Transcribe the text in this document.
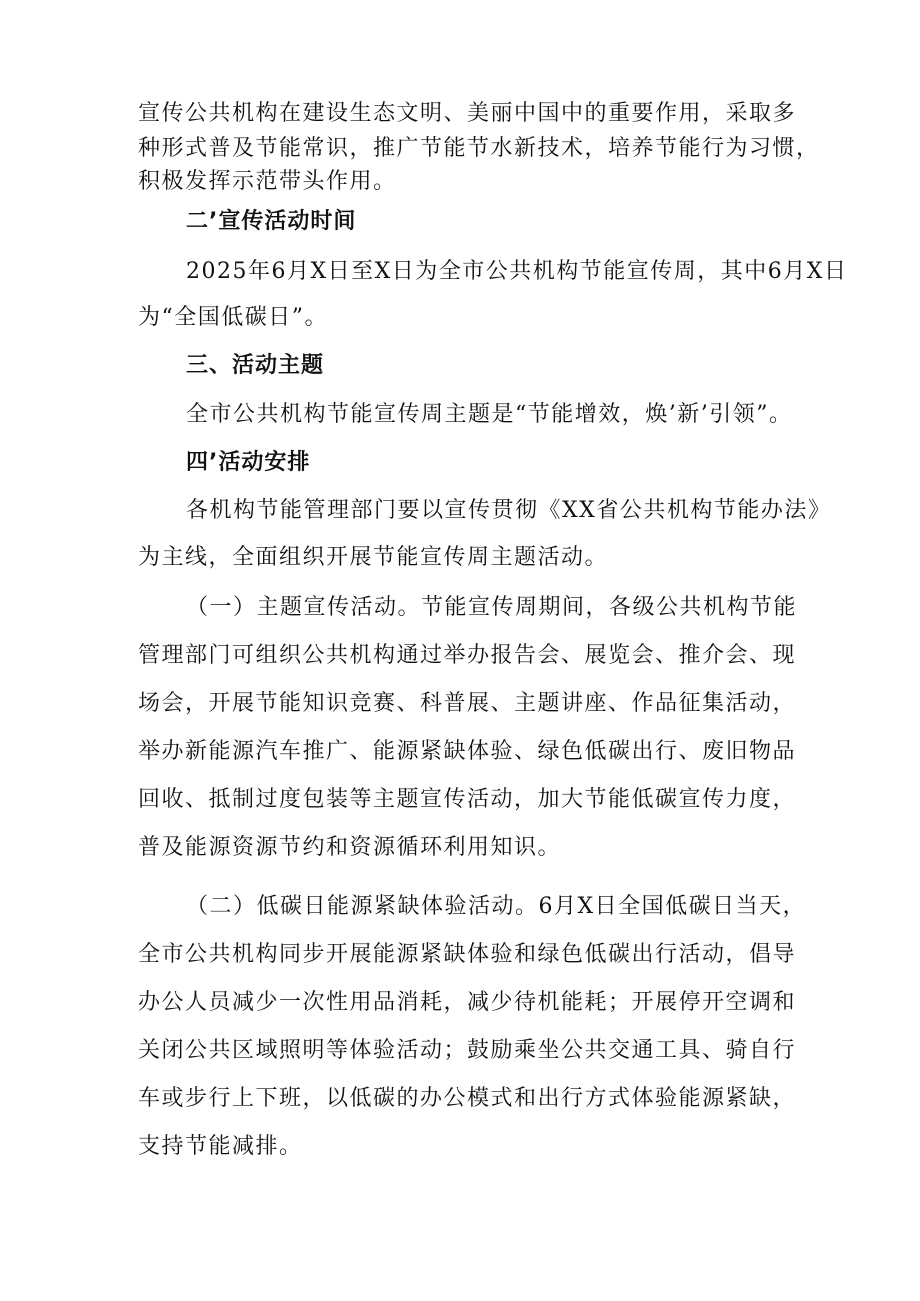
宣传公共机构在建设生态文明、美丽中国中的重要作用，采取多
种形式普及节能常识，推广节能节水新技术，培养节能行为习惯，
积极发挥示范带头作用。
二’宣传活动时间
2025年6月X日至X日为全市公共机构节能宣传周，其中6月X日
为“全国低碳日”。
三、活动主题
全市公共机构节能宣传周主题是“节能增效，焕’新’引领”。
四’活动安排
各机构节能管理部门要以宣传贯彻《XX省公共机构节能办法》
为主线，全面组织开展节能宣传周主题活动。
（一）主题宣传活动。节能宣传周期间，各级公共机构节能
管理部门可组织公共机构通过举办报告会、展览会、推介会、现
场会，开展节能知识竞赛、科普展、主题讲座、作品征集活动，
举办新能源汽车推广、能源紧缺体验、绿色低碳出行、废旧物品
回收、抵制过度包装等主题宣传活动，加大节能低碳宣传力度，
普及能源资源节约和资源循环利用知识。
（二）低碳日能源紧缺体验活动。6月X日全国低碳日当天，
全市公共机构同步开展能源紧缺体验和绿色低碳出行活动，倡导
办公人员减少一次性用品消耗，减少待机能耗；开展停开空调和
关闭公共区域照明等体验活动；鼓励乘坐公共交通工具、骑自行
车或步行上下班，以低碳的办公模式和出行方式体验能源紧缺，
支持节能减排。
